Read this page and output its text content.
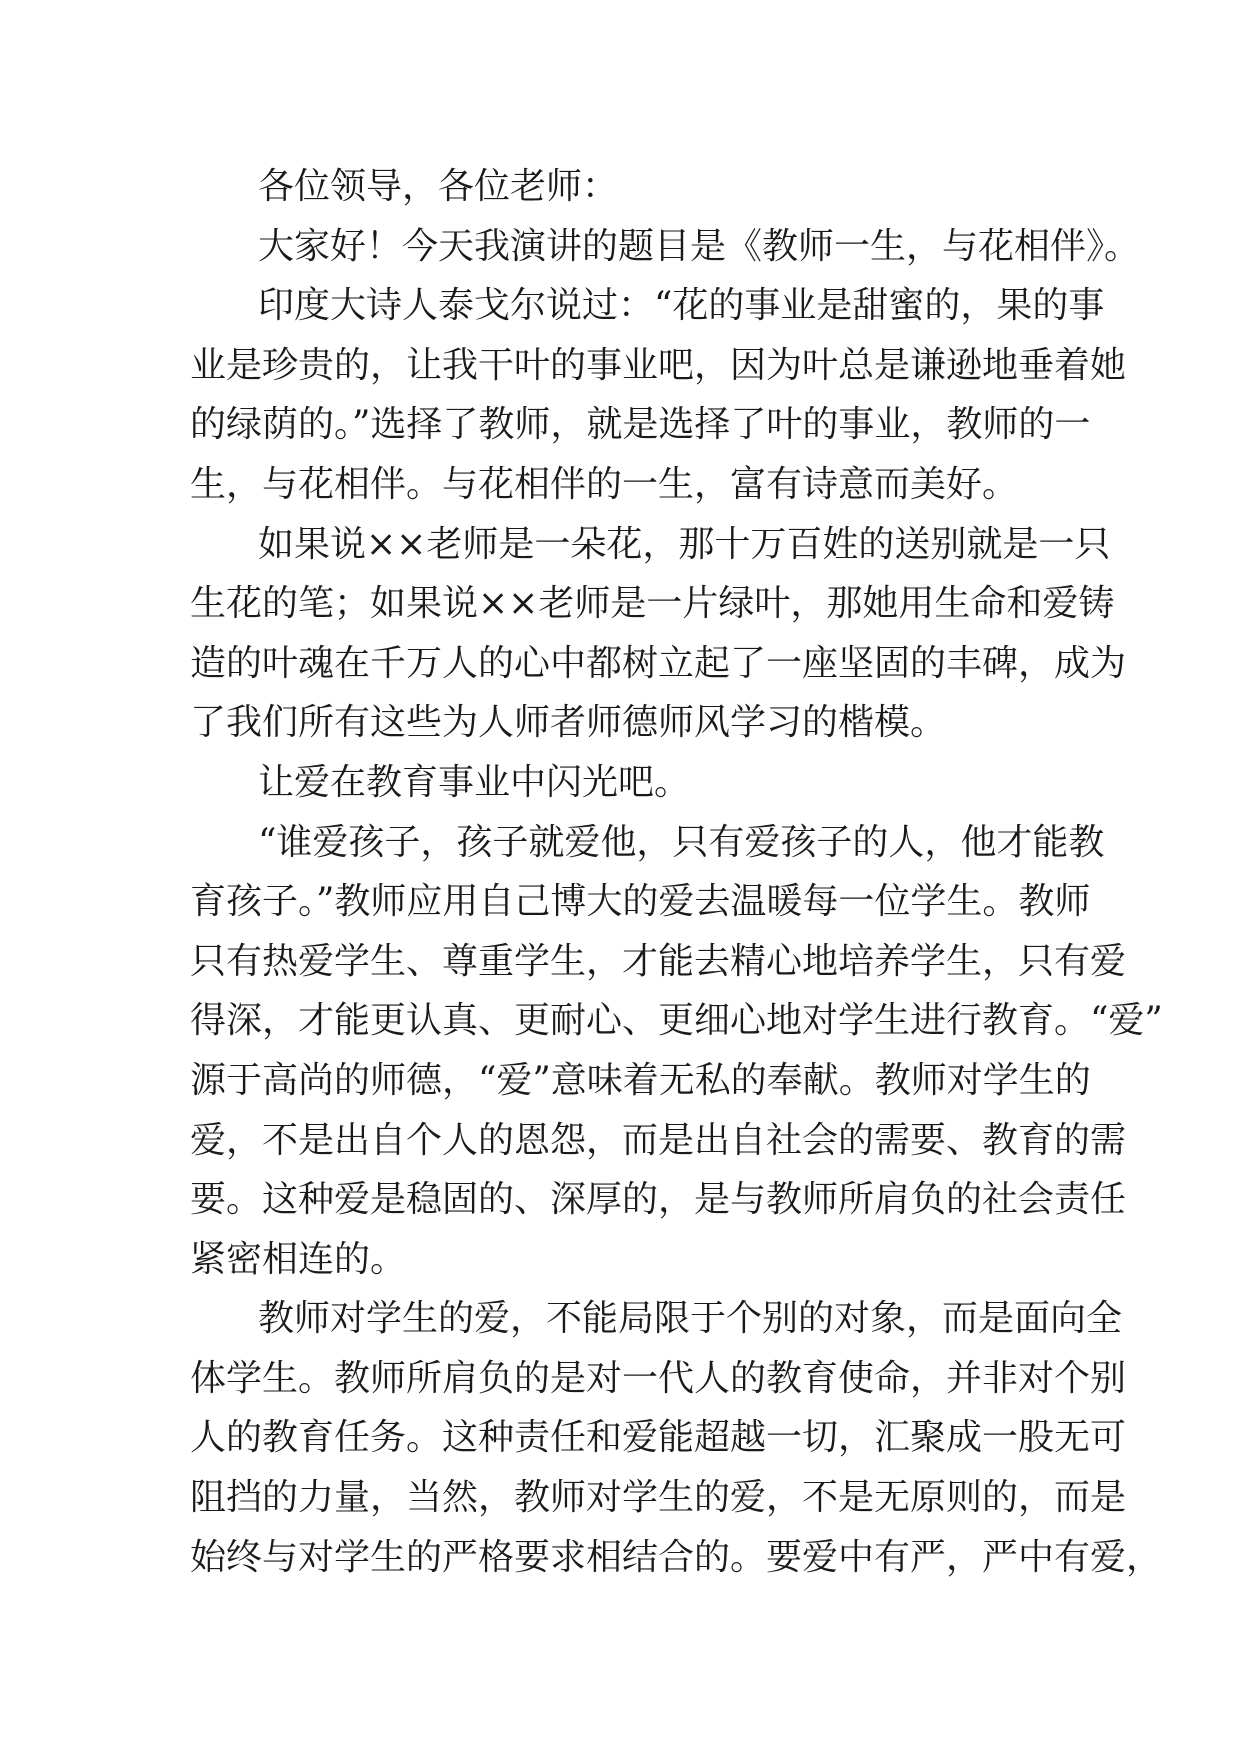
各位领导，各位老师：
大家好！今天我演讲的题目是《教师一生，与花相伴》。
印度大诗人泰戈尔说过：“花的事业是甜蜜的，果的事
业是珍贵的，让我干叶的事业吧，因为叶总是谦逊地垂着她
的绿荫的。”选择了教师，就是选择了叶的事业，教师的一
生，与花相伴。与花相伴的一生，富有诗意而美好。
如果说××老师是一朵花，那十万百姓的送别就是一只
生花的笔；如果说××老师是一片绿叶，那她用生命和爱铸
造的叶魂在千万人的心中都树立起了一座坚固的丰碑，成为
了我们所有这些为人师者师德师风学习的楷模。
让爱在教育事业中闪光吧。
“谁爱孩子，孩子就爱他，只有爱孩子的人，他才能教
育孩子。”教师应用自己博大的爱去温暖每一位学生。教师
只有热爱学生、尊重学生，才能去精心地培养学生，只有爱
得深，才能更认真、更耐心、更细心地对学生进行教育。“爱”
源于高尚的师德，“爱”意味着无私的奉献。教师对学生的
爱，不是出自个人的恩怨，而是出自社会的需要、教育的需
要。这种爱是稳固的、深厚的，是与教师所肩负的社会责任
紧密相连的。
教师对学生的爱，不能局限于个别的对象，而是面向全
体学生。教师所肩负的是对一代人的教育使命，并非对个别
人的教育任务。这种责任和爱能超越一切，汇聚成一股无可
阻挡的力量，当然，教师对学生的爱，不是无原则的，而是
始终与对学生的严格要求相结合的。要爱中有严，严中有爱，
